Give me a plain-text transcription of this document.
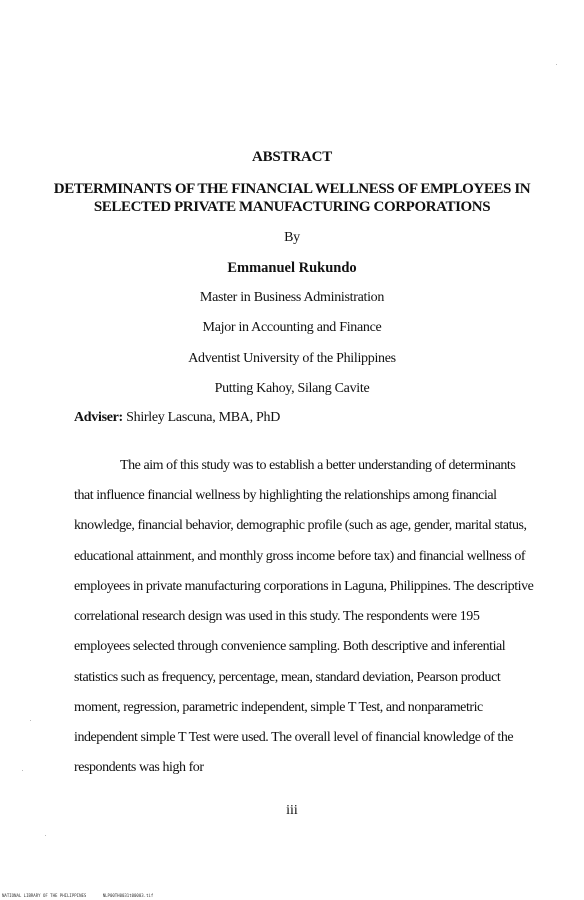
ABSTRACT
DETERMINANTS OF THE FINANCIAL WELLNESS OF EMPLOYEES IN
SELECTED PRIVATE MANUFACTURING CORPORATIONS
By
Emmanuel Rukundo
Master in Business Administration
Major in Accounting and Finance
Adventist University of the Philippines
Putting Kahoy, Silang Cavite
Adviser: Shirley Lascuna, MBA, PhD
The aim of this study was to establish a better understanding of determinants
that influence financial wellness by highlighting the relationships among financial
knowledge, financial behavior, demographic profile (such as age, gender, marital status,
educational attainment, and monthly gross income before tax) and financial wellness of
employees in private manufacturing corporations in Laguna, Philippines. The descriptive
correlational research design was used in this study. The respondents were 195
employees selected through convenience sampling. Both descriptive and inferential
statistics such as frequency, percentage, mean, standard deviation, Pearson product
moment, regression, parametric independent, simple T Test, and nonparametric
independent simple T Test were used. The overall level of financial knowledge of the
respondents was high for
iii
NATIONAL LIBRARY OF THE PHILIPPINES	NLP00TH0031t00003.tif
